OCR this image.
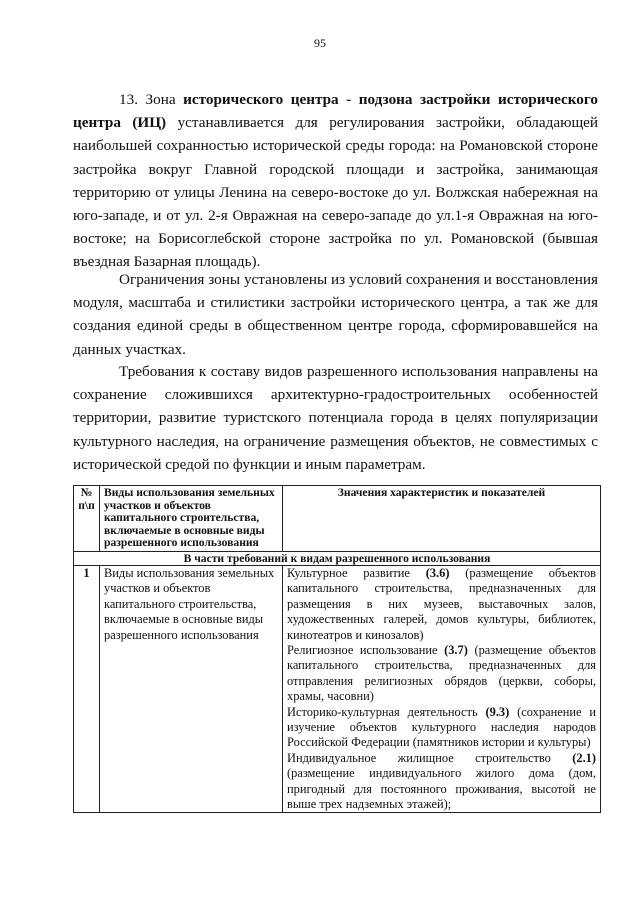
95

13. Зона исторического центра - подзона застройки исторического центра (ИЦ) устанавливается для регулирования застройки, обладающей наибольшей сохранностью исторической среды города: на Романовской стороне застройка вокруг Главной городской площади и застройка, занимающая территорию от улицы Ленина на северо-востоке до ул. Волжская набережная на юго-западе, и от ул. 2-я Овражная на северо-западе до ул.1-я Овражная на юго-востоке; на Борисоглебской стороне застройка по ул. Романовской (бывшая въездная Базарная площадь).

Ограничения зоны установлены из условий сохранения и восстановления модуля, масштаба и стилистики застройки исторического центра, а так же для создания единой среды в общественном центре города, сформировавшейся на данных участках.

Требования к составу видов разрешенного использования направлены на сохранение сложившихся архитектурно-градостроительных особенностей территории, развитие туристского потенциала города в целях популяризации культурного наследия, на ограничение размещения объектов, не совместимых с исторической средой по функции и иным параметрам.

№ п\п	Виды использования земельных участков и объектов капитального строительства, включаемые в основные виды разрешенного использования	Значения характеристик и показателей
В части требований к видам разрешенного использования		
1	Виды использования земельных участков и объектов капитального строительства, включаемые в основные виды разрешенного использования	Культурное развитие (3.6) (размещение объектов капитального строительства, предназначенных для размещения в них музеев, выставочных залов, художественных галерей, домов культуры, библиотек, кинотеатров и кинозалов)
Религиозное использование (3.7) (размещение объектов капитального строительства, предназначенных для отправления религиозных обрядов (церкви, соборы, храмы, часовни)
Историко-культурная деятельность (9.3) (сохранение и изучение объектов культурного наследия народов Российской Федерации (памятников истории и культуры)
Индивидуальное жилищное строительство (2.1) (размещение индивидуального жилого дома (дом, пригодный для постоянного проживания, высотой не выше трех надземных этажей);
